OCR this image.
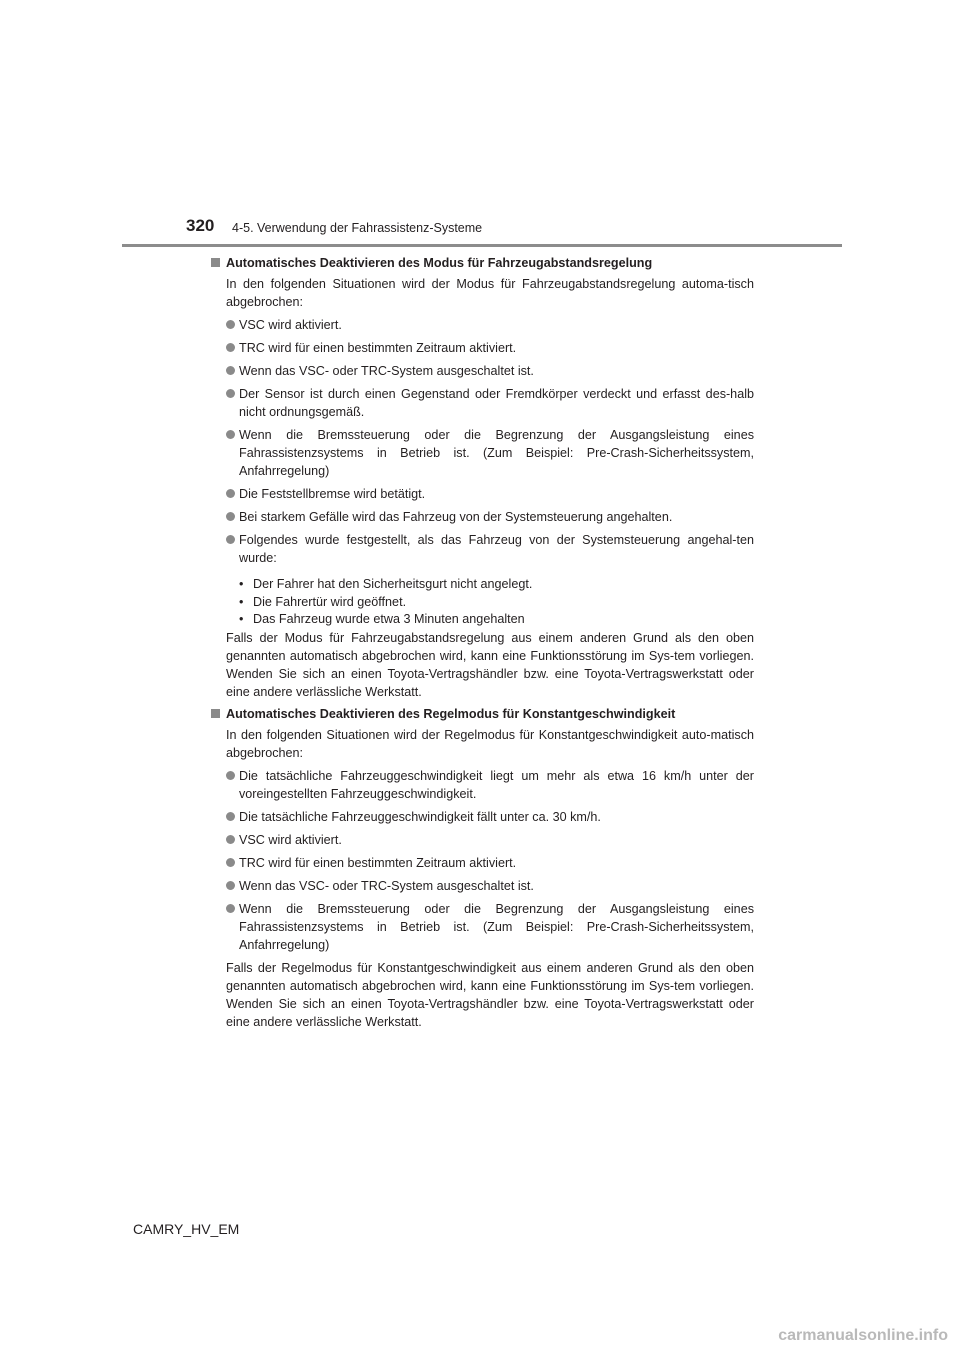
320 4-5. Verwendung der Fahrassistenz-Systeme
Automatisches Deaktivieren des Modus für Fahrzeugabstandsregelung
In den folgenden Situationen wird der Modus für Fahrzeugabstandsregelung automa-tisch abgebrochen:
VSC wird aktiviert.
TRC wird für einen bestimmten Zeitraum aktiviert.
Wenn das VSC- oder TRC-System ausgeschaltet ist.
Der Sensor ist durch einen Gegenstand oder Fremdkörper verdeckt und erfasst des-halb nicht ordnungsgemäß.
Wenn die Bremssteuerung oder die Begrenzung der Ausgangsleistung eines Fahrassistenzsystems in Betrieb ist. (Zum Beispiel: Pre-Crash-Sicherheitssystem, Anfahrregelung)
Die Feststellbremse wird betätigt.
Bei starkem Gefälle wird das Fahrzeug von der Systemsteuerung angehalten.
Folgendes wurde festgestellt, als das Fahrzeug von der Systemsteuerung angehal-ten wurde:
• Der Fahrer hat den Sicherheitsgurt nicht angelegt.
• Die Fahrertür wird geöffnet.
• Das Fahrzeug wurde etwa 3 Minuten angehalten
Falls der Modus für Fahrzeugabstandsregelung aus einem anderen Grund als den oben genannten automatisch abgebrochen wird, kann eine Funktionsstörung im Sys-tem vorliegen. Wenden Sie sich an einen Toyota-Vertragshändler bzw. eine Toyota-Vertragswerkstatt oder eine andere verlässliche Werkstatt.
Automatisches Deaktivieren des Regelmodus für Konstantgeschwindigkeit
In den folgenden Situationen wird der Regelmodus für Konstantgeschwindigkeit auto-matisch abgebrochen:
Die tatsächliche Fahrzeuggeschwindigkeit liegt um mehr als etwa 16 km/h unter der voreingestellten Fahrzeuggeschwindigkeit.
Die tatsächliche Fahrzeuggeschwindigkeit fällt unter ca. 30 km/h.
VSC wird aktiviert.
TRC wird für einen bestimmten Zeitraum aktiviert.
Wenn das VSC- oder TRC-System ausgeschaltet ist.
Wenn die Bremssteuerung oder die Begrenzung der Ausgangsleistung eines Fahrassistenzsystems in Betrieb ist. (Zum Beispiel: Pre-Crash-Sicherheitssystem, Anfahrregelung)
Falls der Regelmodus für Konstantgeschwindigkeit aus einem anderen Grund als den oben genannten automatisch abgebrochen wird, kann eine Funktionsstörung im Sys-tem vorliegen. Wenden Sie sich an einen Toyota-Vertragshändler bzw. eine Toyota-Vertragswerkstatt oder eine andere verlässliche Werkstatt.
CAMRY_HV_EM
carmanualsonline.info
